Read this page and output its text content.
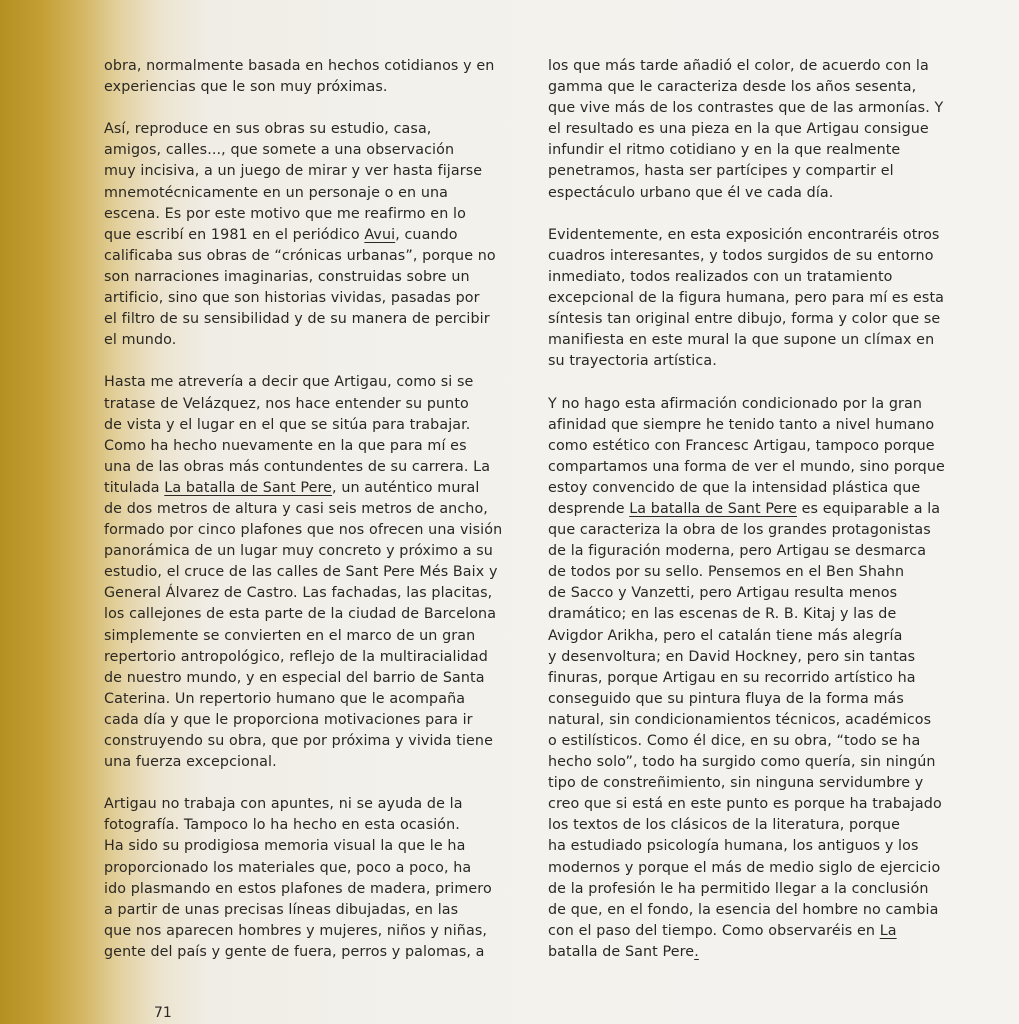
obra, normalmente basada en hechos cotidianos y en
experiencias que le son muy próximas.

Así, reproduce en sus obras su estudio, casa,
amigos, calles..., que somete a una observación
muy incisiva, a un juego de mirar y ver hasta fijarse
mnemotécnicamente en un personaje o en una
escena. Es por este motivo que me reafirmo en lo
que escribí en 1981 en el periódico Avui, cuando
calificaba sus obras de “crónicas urbanas”, porque no
son narraciones imaginarias, construidas sobre un
artificio, sino que son historias vividas, pasadas por
el filtro de su sensibilidad y de su manera de percibir
el mundo.

Hasta me atrevería a decir que Artigau, como si se
tratase de Velázquez, nos hace entender su punto
de vista y el lugar en el que se sitúa para trabajar.
Como ha hecho nuevamente en la que para mí es
una de las obras más contundentes de su carrera. La
titulada La batalla de Sant Pere, un auténtico mural
de dos metros de altura y casi seis metros de ancho,
formado por cinco plafones que nos ofrecen una visión
panorámica de un lugar muy concreto y próximo a su
estudio, el cruce de las calles de Sant Pere Més Baix y
General Álvarez de Castro. Las fachadas, las placitas,
los callejones de esta parte de la ciudad de Barcelona
simplemente se convierten en el marco de un gran
repertorio antropológico, reflejo de la multiracialidad
de nuestro mundo, y en especial del barrio de Santa
Caterina. Un repertorio humano que le acompaña
cada día y que le proporciona motivaciones para ir
construyendo su obra, que por próxima y vivida tiene
una fuerza excepcional.

Artigau no trabaja con apuntes, ni se ayuda de la
fotografía. Tampoco lo ha hecho en esta ocasión.
Ha sido su prodigiosa memoria visual la que le ha
proporcionado los materiales que, poco a poco, ha
ido plasmando en estos plafones de madera, primero
a partir de unas precisas líneas dibujadas, en las
que nos aparecen hombres y mujeres, niños y niñas,
gente del país y gente de fuera, perros y palomas, a

los que más tarde añadió el color, de acuerdo con la
gamma que le caracteriza desde los años sesenta,
que vive más de los contrastes que de las armonías. Y
el resultado es una pieza en la que Artigau consigue
infundir el ritmo cotidiano y en la que realmente
penetramos, hasta ser partícipes y compartir el
espectáculo urbano que él ve cada día.

Evidentemente, en esta exposición encontraréis otros
cuadros interesantes, y todos surgidos de su entorno
inmediato, todos realizados con un tratamiento
excepcional de la figura humana, pero para mí es esta
síntesis tan original entre dibujo, forma y color que se
manifiesta en este mural la que supone un clímax en
su trayectoria artística.

Y no hago esta afirmación condicionado por la gran
afinidad que siempre he tenido tanto a nivel humano
como estético con Francesc Artigau, tampoco porque
compartamos una forma de ver el mundo, sino porque
estoy convencido de que la intensidad plástica que
desprende La batalla de Sant Pere es equiparable a la
que caracteriza la obra de los grandes protagonistas
de la figuración moderna, pero Artigau se desmarca
de todos por su sello. Pensemos en el Ben Shahn
de Sacco y Vanzetti, pero Artigau resulta menos
dramático; en las escenas de R. B. Kitaj y las de
Avigdor Arikha, pero el catalán tiene más alegría
y desenvoltura; en David Hockney, pero sin tantas
finuras, porque Artigau en su recorrido artístico ha
conseguido que su pintura fluya de la forma más
natural, sin condicionamientos técnicos, académicos
o estilísticos. Como él dice, en su obra, “todo se ha
hecho solo”, todo ha surgido como quería, sin ningún
tipo de constreñimiento, sin ninguna servidumbre y
creo que si está en este punto es porque ha trabajado
los textos de los clásicos de la literatura, porque
ha estudiado psicología humana, los antiguos y los
modernos y porque el más de medio siglo de ejercicio
de la profesión le ha permitido llegar a la conclusión
de que, en el fondo, la esencia del hombre no cambia
con el paso del tiempo. Como observaréis en La
batalla de Sant Pere.

71
